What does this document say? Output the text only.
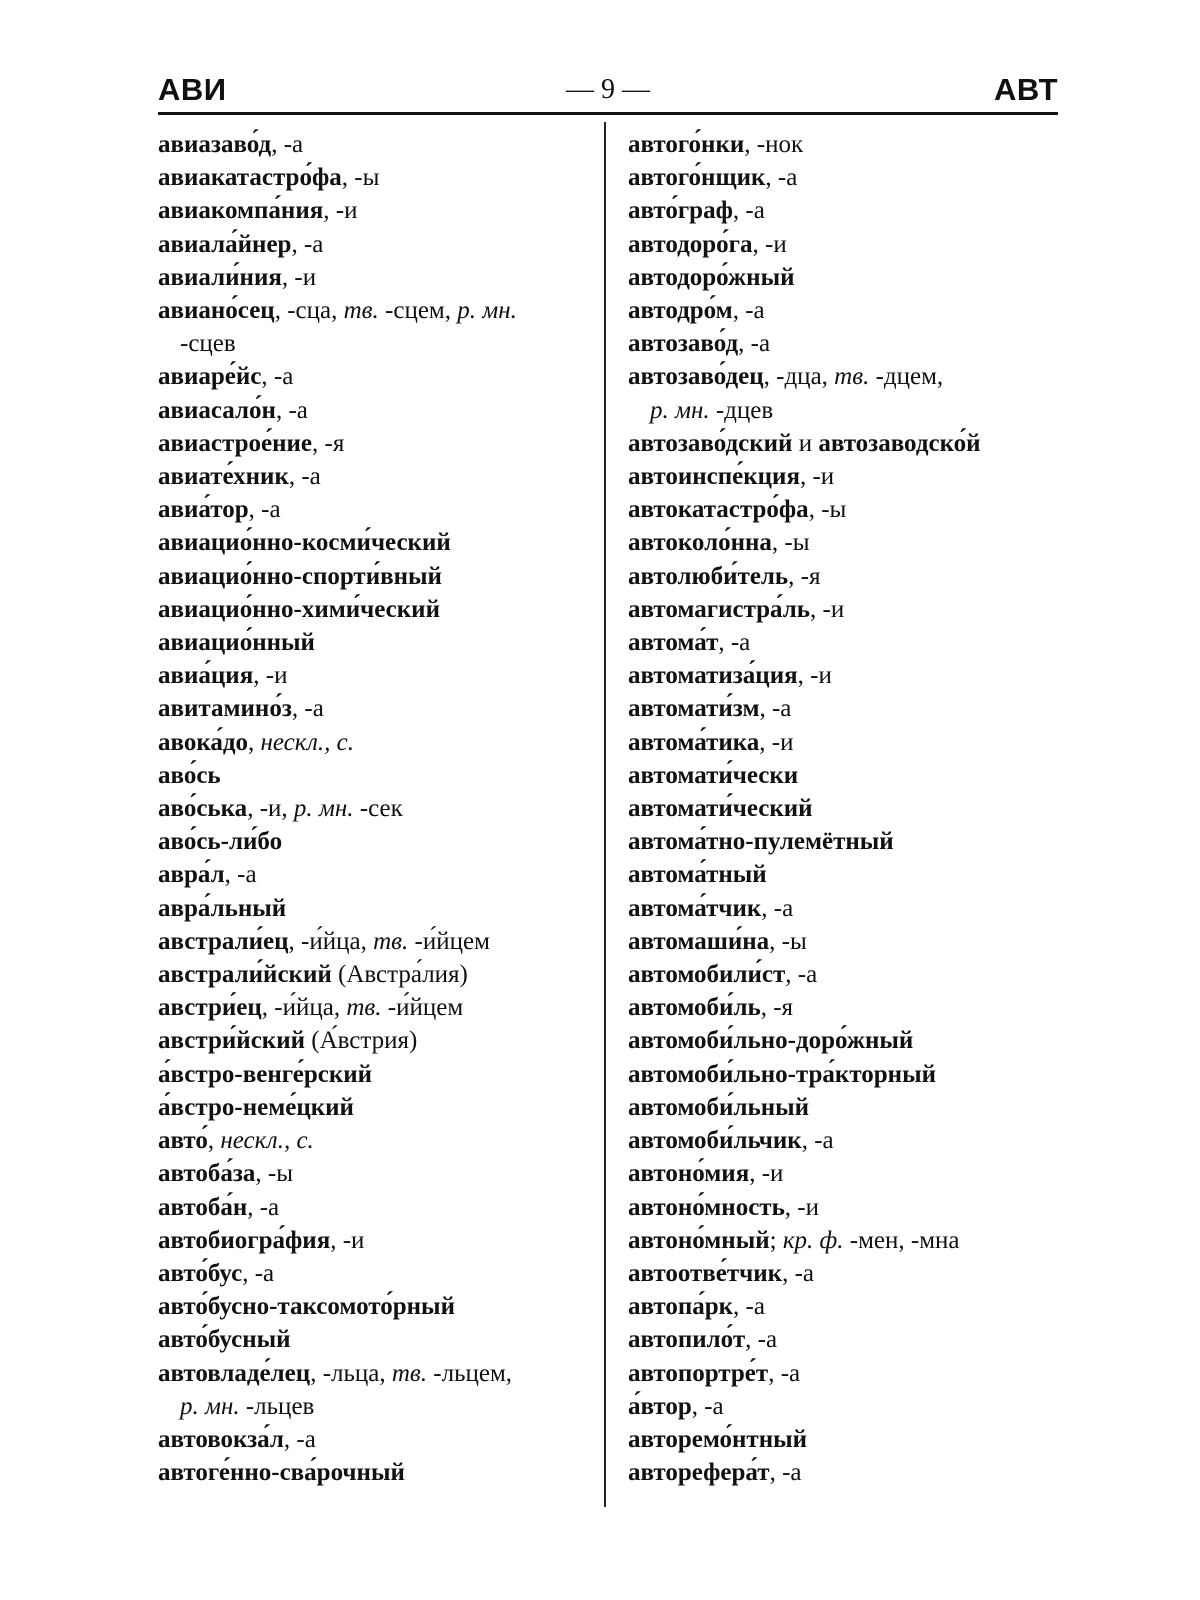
АВИ	— 9 —	АВТ
авиазаво́д, -а
авиакатастро́фа, -ы
авиакомпа́ния, -и
авиала́йнер, -а
авиали́ния, -и
авиано́сец, -сца, тв. -сцем, р. мн.
-сцев
авиаре́йс, -а
авиасало́н, -а
авиастрое́ние, -я
авиате́хник, -а
авиа́тор, -а
авиацио́нно-косми́ческий
авиацио́нно-спорти́вный
авиацио́нно-хими́ческий
авиацио́нный
авиа́ция, -и
авитамино́з, -а
авока́до, нескл., с.
аво́сь
аво́ська, -и, р. мн. -сек
аво́сь-ли́бо
авра́л, -а
авра́льный
австрали́ец, -и́йца, тв. -и́йцем
австрали́йский (Австра́лия)
австри́ец, -и́йца, тв. -и́йцем
австри́йский (А́встрия)
а́встро-венге́рский
а́встро-неме́цкий
авто́, нескл., с.
автоба́за, -ы
автоба́н, -а
автобиогра́фия, -и
авто́бус, -а
авто́бусно-таксомото́рный
авто́бусный
автовладе́лец, -льца, тв. -льцем,
р. мн. -льцев
автовокза́л, -а
автоге́нно-сва́рочный
автого́нки, -нок
автого́нщик, -а
авто́граф, -а
автодоро́га, -и
автодоро́жный
автодро́м, -а
автозаво́д, -а
автозаво́дец, -дца, тв. -дцем,
р. мн. -дцев
автозаво́дский и автозаводско́й
автоинспе́кция, -и
автокатастро́фа, -ы
автоколо́нна, -ы
автолюби́тель, -я
автомагистра́ль, -и
автома́т, -а
автоматиза́ция, -и
автомати́зм, -а
автома́тика, -и
автомати́чески
автомати́ческий
автома́тно-пулемётный
автома́тный
автома́тчик, -а
автомаши́на, -ы
автомобили́ст, -а
автомоби́ль, -я
автомоби́льно-доро́жный
автомоби́льно-тра́кторный
автомоби́льный
автомоби́льчик, -а
автоно́мия, -и
автоно́мность, -и
автоно́мный; кр. ф. -мен, -мна
автоотве́тчик, -а
автопа́рк, -а
автопило́т, -а
автопортре́т, -а
а́втор, -а
авторемо́нтный
авторефера́т, -а
